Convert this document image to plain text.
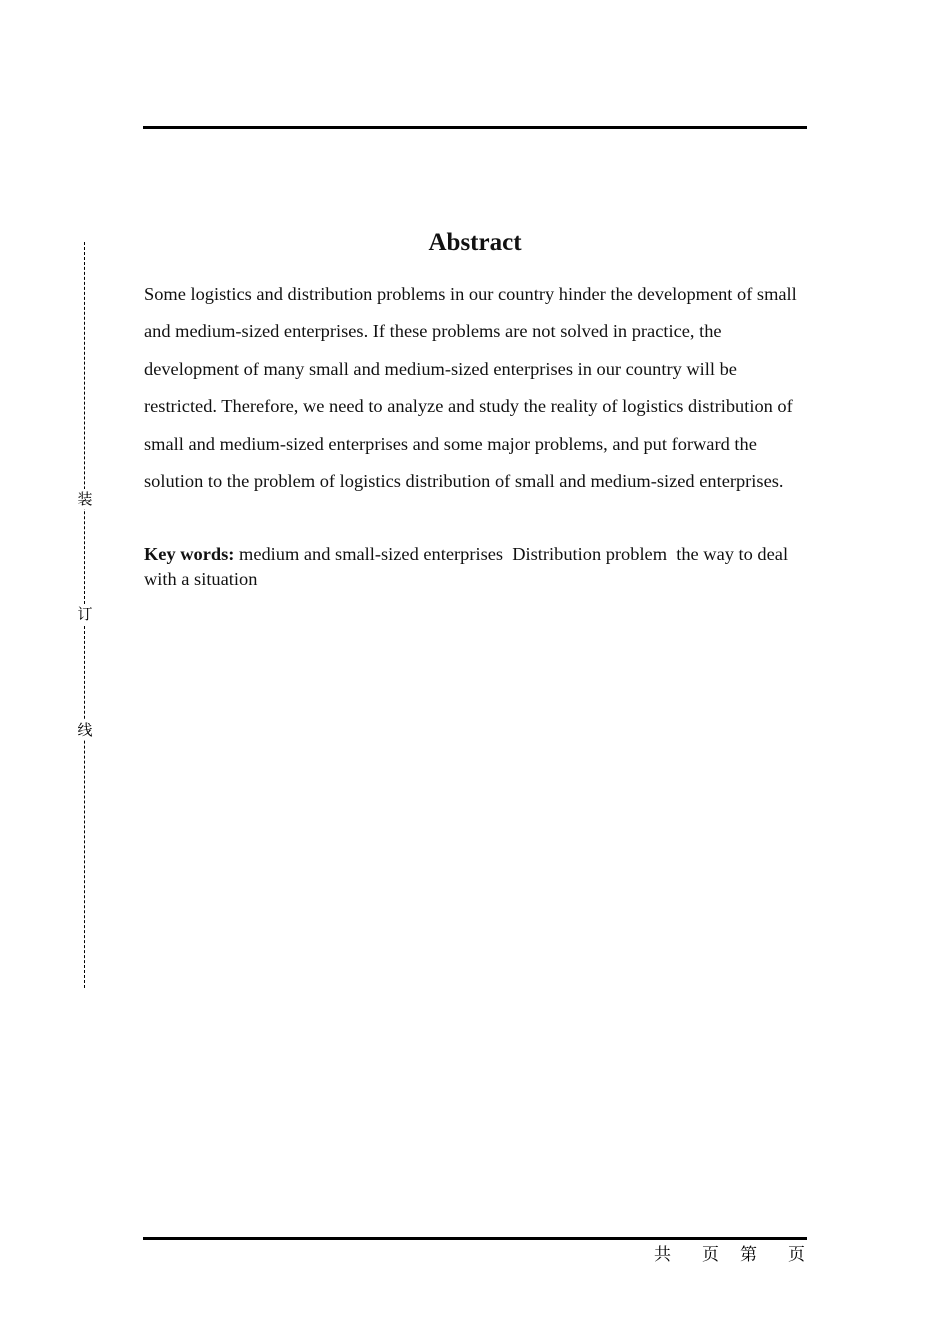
装
订
线
Abstract

Some logistics and distribution problems in our country hinder the development of small and medium-sized enterprises. If these problems are not solved in practice, the development of many small and medium-sized enterprises in our country will be restricted. Therefore, we need to analyze and study the reality of logistics distribution of small and medium-sized enterprises and some major problems, and put forward the solution to the problem of logistics distribution of small and medium-sized enterprises.

Key words: medium and small-sized enterprises  Distribution problem  the way to deal with a situation

共 页 第 页
